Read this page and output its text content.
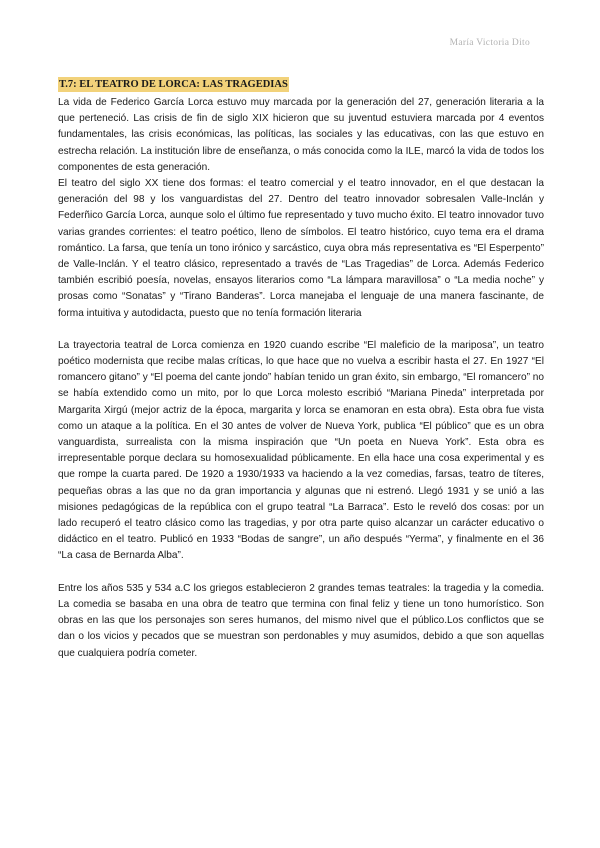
María Victoria Dito
T.7: EL TEATRO DE LORCA: LAS TRAGEDIAS

La vida de Federico García Lorca estuvo muy marcada por la generación del 27, generación literaria a la que perteneció. Las crisis de fin de siglo XIX hicieron que su juventud estuviera marcada por 4 eventos fundamentales, las crisis económicas, las políticas, las sociales y las educativas, con las que estuvo en estrecha relación. La institución libre de enseñanza, o más conocida como la ILE, marcó la vida de todos los componentes de esta generación.

El teatro del siglo XX tiene dos formas: el teatro comercial y el teatro innovador, en el que destacan la generación del 98 y los vanguardistas del 27. Dentro del teatro innovador sobresalen Valle-Inclán y Federñico García Lorca, aunque solo el último fue representado y tuvo mucho éxito. El teatro innovador tuvo varias grandes corrientes: el teatro poético, lleno de símbolos. El teatro histórico, cuyo tema era el drama romántico. La farsa, que tenía un tono irónico y sarcástico, cuya obra más representativa es “El Esperpento” de Valle-Inclán. Y el teatro clásico, representado a través de “Las Tragedias” de Lorca. Además Federico también escribió poesía, novelas, ensayos literarios como “La lámpara maravillosa” o “La media noche” y prosas como “Sonatas” y “Tirano Banderas”. Lorca manejaba el lenguaje de una manera fascinante, de forma intuitiva y autodidacta, puesto que no tenía formación literaria

La trayectoria teatral de Lorca comienza en 1920 cuando escribe “El maleficio de la mariposa”, un teatro poético modernista que recibe malas críticas, lo que hace que no vuelva a escribir hasta el 27. En 1927 “El romancero gitano” y “El poema del cante jondo” habían tenido un gran éxito, sin embargo, “El romancero” no se había extendido como un mito, por lo que Lorca molesto escribió “Mariana Pineda” interpretada por Margarita Xirgú (mejor actriz de la época, margarita y lorca se enamoran en esta obra). Esta obra fue vista como un ataque a la política. En el 30 antes de volver de Nueva York, publica “El público” que es un obra vanguardista, surrealista con la misma inspiración que “Un poeta en Nueva York”. Esta obra es irrepresentable porque declara su homosexualidad públicamente. En ella hace una cosa experimental y es que rompe la cuarta pared. De 1920 a 1930/1933 va haciendo a la vez comedias, farsas, teatro de títeres, pequeñas obras a las que no da gran importancia y algunas que ni estrenó. Llegó 1931 y se unió a las misiones pedagógicas de la república con el grupo teatral “La Barraca”. Esto le reveló dos cosas: por un lado recuperó el teatro clásico como las tragedias, y por otra parte quiso alcanzar un carácter educativo o didáctico en el teatro. Publicó en 1933 “Bodas de sangre”, un año después “Yerma”, y finalmente en el 36 “La casa de Bernarda Alba”.

Entre los años 535 y 534 a.C los griegos establecieron 2 grandes temas teatrales: la tragedia y la comedia. La comedia se basaba en una obra de teatro que termina con final feliz y tiene un tono humorístico. Son obras en las que los personajes son seres humanos, del mismo nivel que el público.Los conflictos que se dan o los vicios y pecados que se muestran son perdonables y muy asumidos, debido a que son aquellas que cualquiera podría cometer.
